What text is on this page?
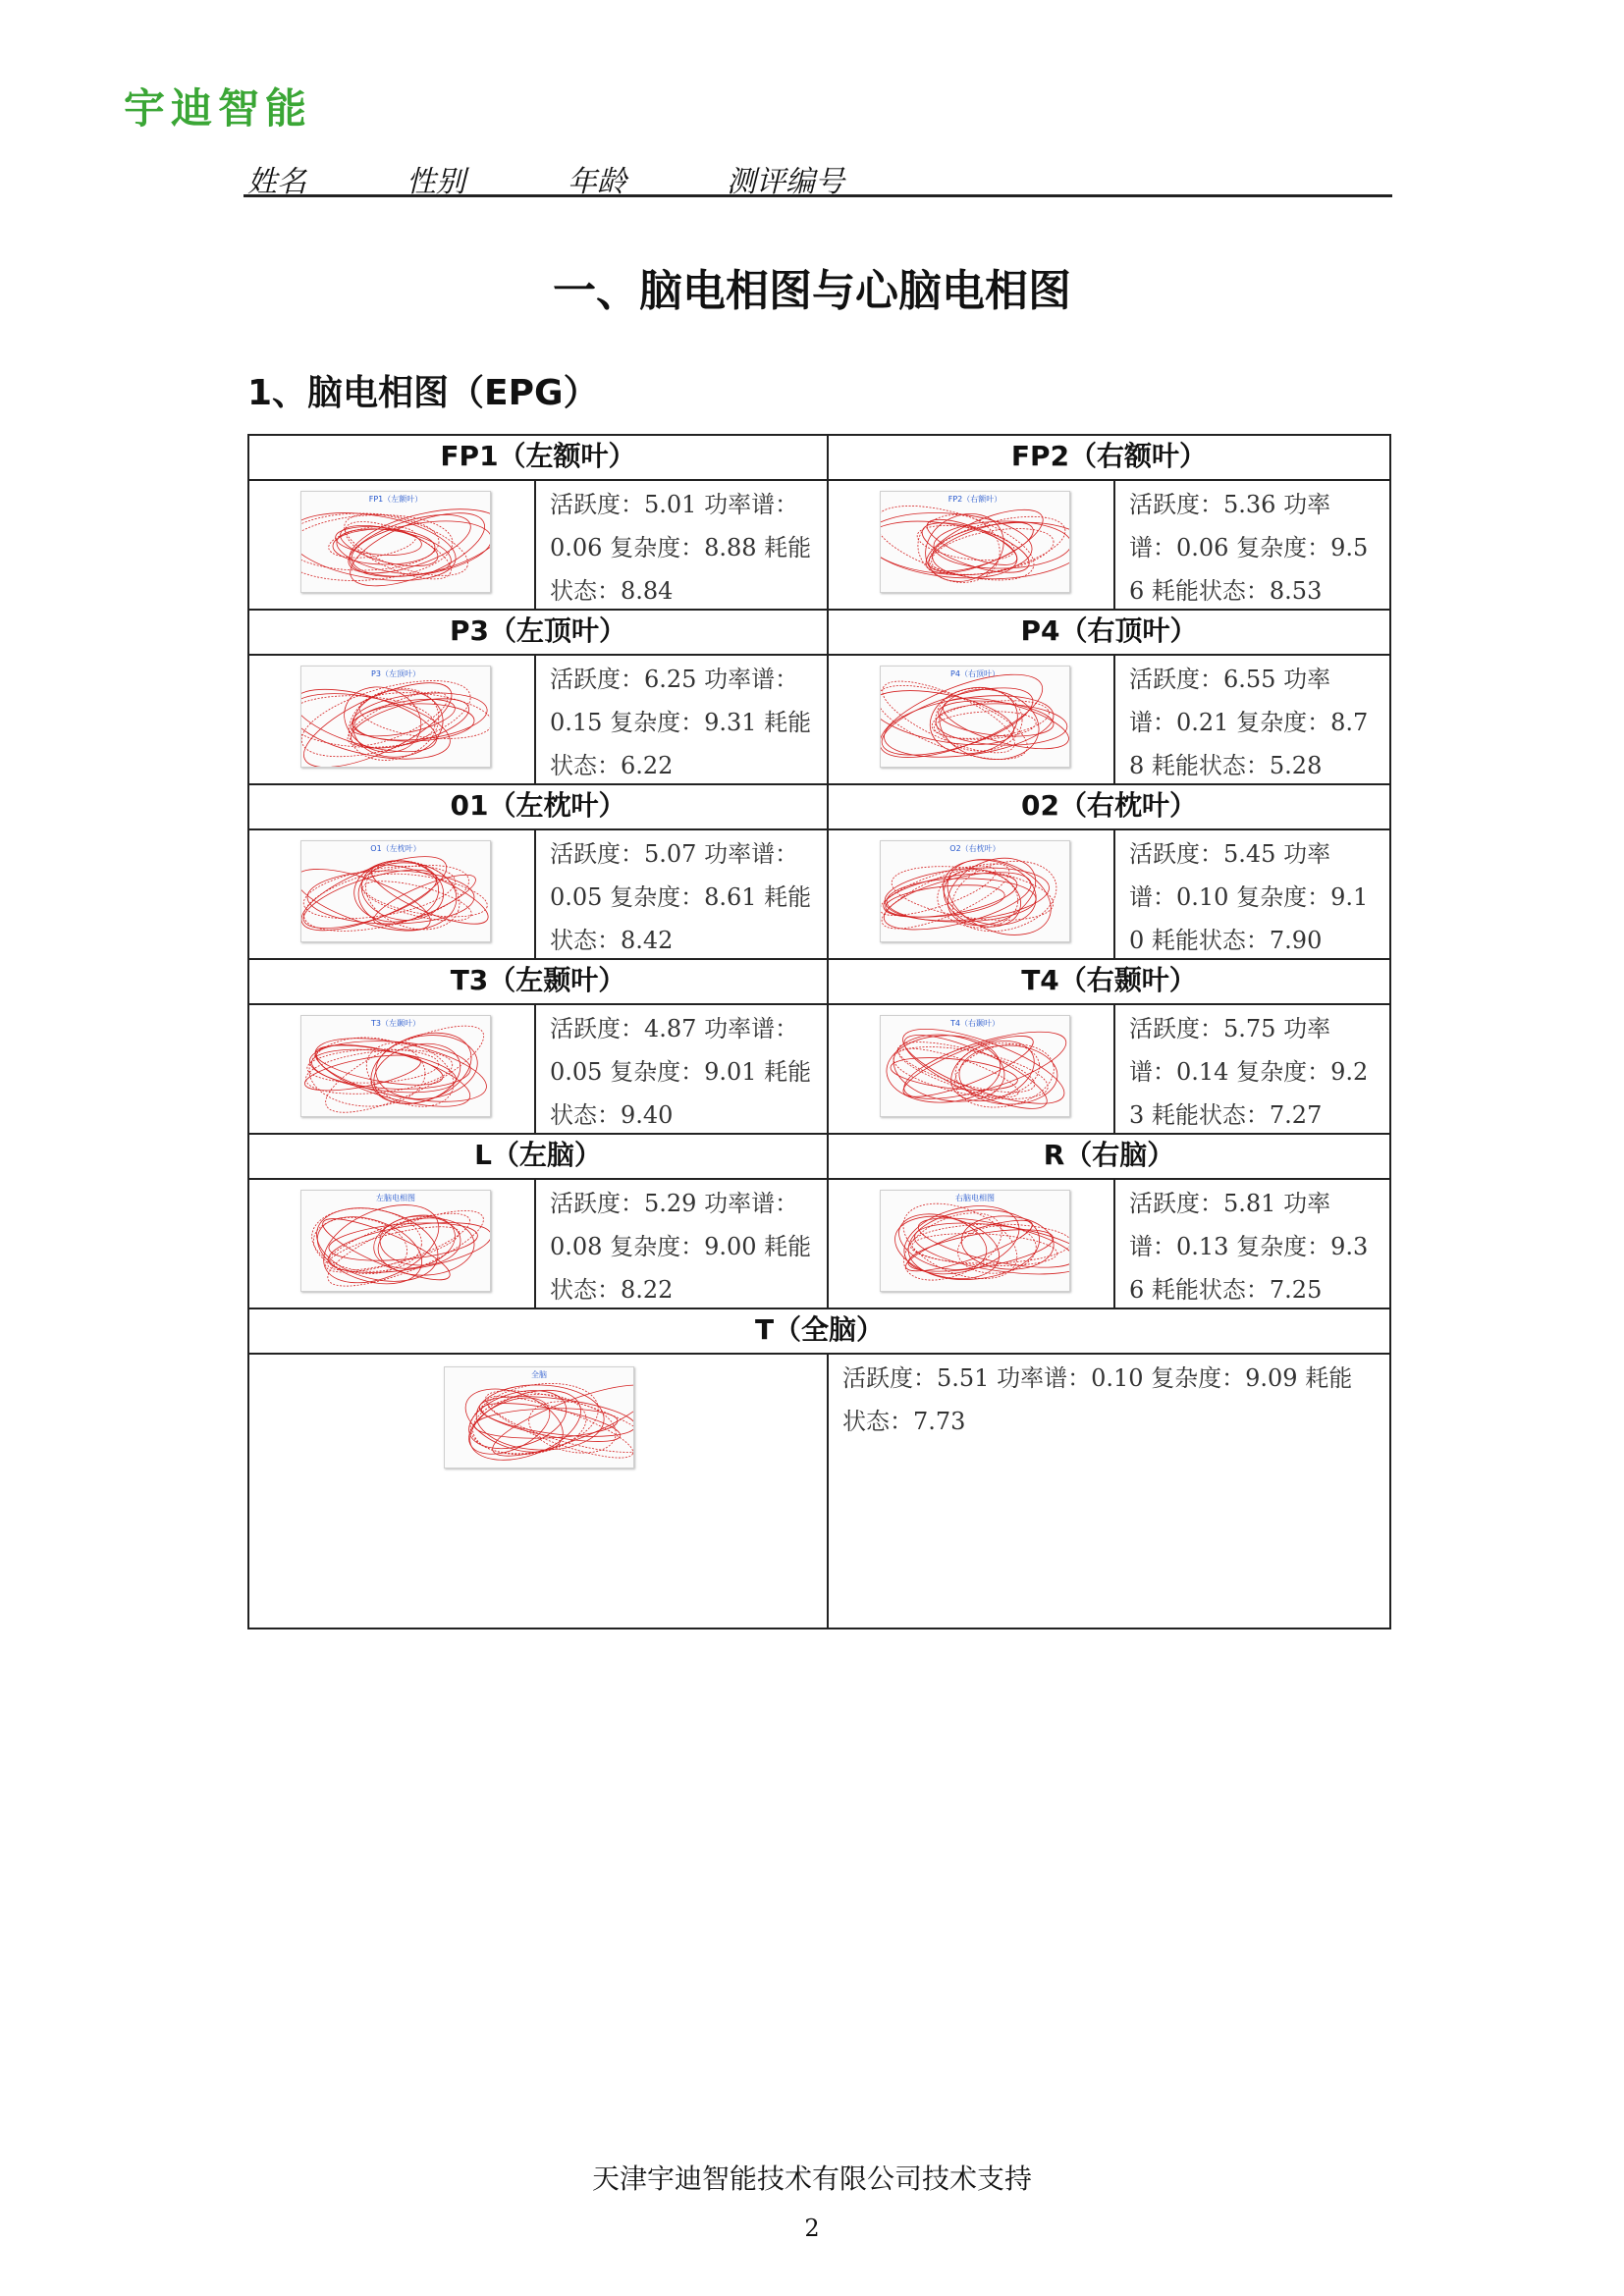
宇迪智能
姓名	性别	年龄	测评编号
一、脑电相图与心脑电相图
1、脑电相图（EPG）
FP1（左额叶）
FP1（左额叶）	活跃度：5.01 功率谱：0.06 复杂度：8.88 耗能状态：8.84
FP2（右额叶）
FP2（右额叶）	活跃度：5.36 功率谱：0.06 复杂度：9.56 耗能状态：8.53
P3（左顶叶）
P3（左顶叶）	活跃度：6.25 功率谱：0.15 复杂度：9.31 耗能状态：6.22
P4（右顶叶）
P4（右顶叶）	活跃度：6.55 功率谱：0.21 复杂度：8.78 耗能状态：5.28
01（左枕叶）
O1（左枕叶）	活跃度：5.07 功率谱：0.05 复杂度：8.61 耗能状态：8.42
02（右枕叶）
O2（右枕叶）	活跃度：5.45 功率谱：0.10 复杂度：9.10 耗能状态：7.90
T3（左颞叶）
T3（左颞叶）	活跃度：4.87 功率谱：0.05 复杂度：9.01 耗能状态：9.40
T4（右颞叶）
T4（右颞叶）	活跃度：5.75 功率谱：0.14 复杂度：9.23 耗能状态：7.27
L（左脑）
左脑电相图	活跃度：5.29 功率谱：0.08 复杂度：9.00 耗能状态：8.22
R（右脑）
右脑电相图	活跃度：5.81 功率谱：0.13 复杂度：9.36 耗能状态：7.25
T（全脑）
全脑	活跃度：5.51 功率谱：0.10 复杂度：9.09 耗能状态：7.73
天津宇迪智能技术有限公司技术支持
2
